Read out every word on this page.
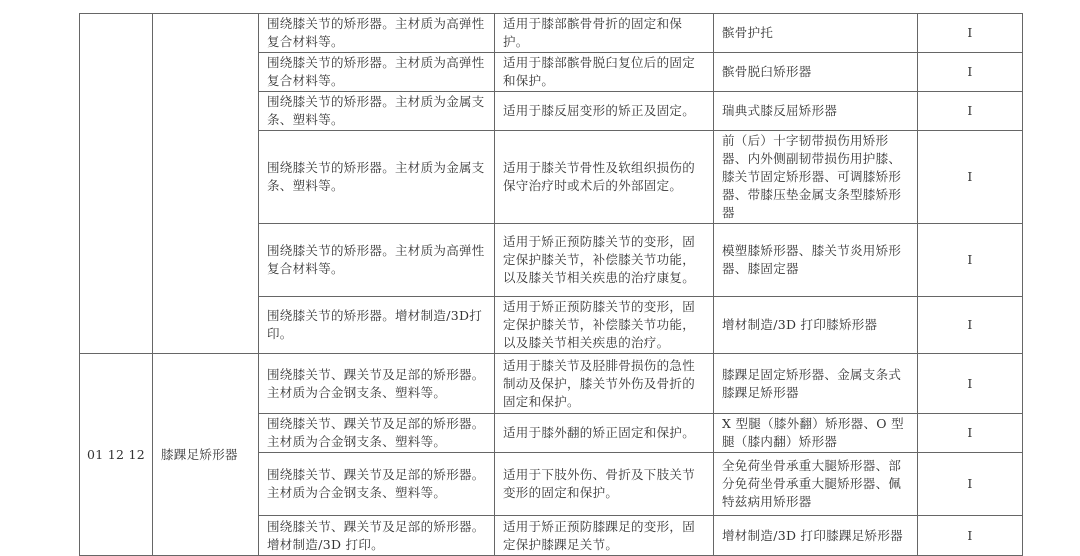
		围绕膝关节的矫形器。主材质为高弹性复合材料等。	适用于膝部髌骨骨折的固定和保护。	髌骨护托	I
		围绕膝关节的矫形器。主材质为高弹性复合材料等。	适用于膝部髌骨脱臼复位后的固定和保护。	髌骨脱臼矫形器	I
		围绕膝关节的矫形器。主材质为金属支条、塑料等。	适用于膝反屈变形的矫正及固定。	瑞典式膝反屈矫形器	I
		围绕膝关节的矫形器。主材质为金属支条、塑料等。	适用于膝关节骨性及软组织损伤的保守治疗时或术后的外部固定。	前（后）十字韧带损伤用矫形器、内外侧副韧带损伤用护膝、膝关节固定矫形器、可调膝矫形器、带膝压垫金属支条型膝矫形器	I
		围绕膝关节的矫形器。主材质为高弹性复合材料等。	适用于矫正预防膝关节的变形，固定保护膝关节，补偿膝关节功能，以及膝关节相关疾患的治疗康复。	模塑膝矫形器、膝关节炎用矫形器、膝固定器	I
		围绕膝关节的矫形器。增材制造/3D打印。	适用于矫正预防膝关节的变形，固定保护膝关节，补偿膝关节功能，以及膝关节相关疾患的治疗。	增材制造/3D 打印膝矫形器	I
01 12 12	膝踝足矫形器	围绕膝关节、踝关节及足部的矫形器。主材质为合金钢支条、塑料等。	适用于膝关节及胫腓骨损伤的急性制动及保护，膝关节外伤及骨折的固定和保护。	膝踝足固定矫形器、金属支条式膝踝足矫形器	I
		围绕膝关节、踝关节及足部的矫形器。主材质为合金钢支条、塑料等。	适用于膝外翻的矫正固定和保护。	X 型腿（膝外翻）矫形器、O 型腿（膝内翻）矫形器	I
		围绕膝关节、踝关节及足部的矫形器。主材质为合金钢支条、塑料等。	适用于下肢外伤、骨折及下肢关节变形的固定和保护。	全免荷坐骨承重大腿矫形器、部分免荷坐骨承重大腿矫形器、佩特兹病用矫形器	I
		围绕膝关节、踝关节及足部的矫形器。增材制造/3D 打印。	适用于矫正预防膝踝足的变形，固定保护膝踝足关节。	增材制造/3D 打印膝踝足矫形器	I
